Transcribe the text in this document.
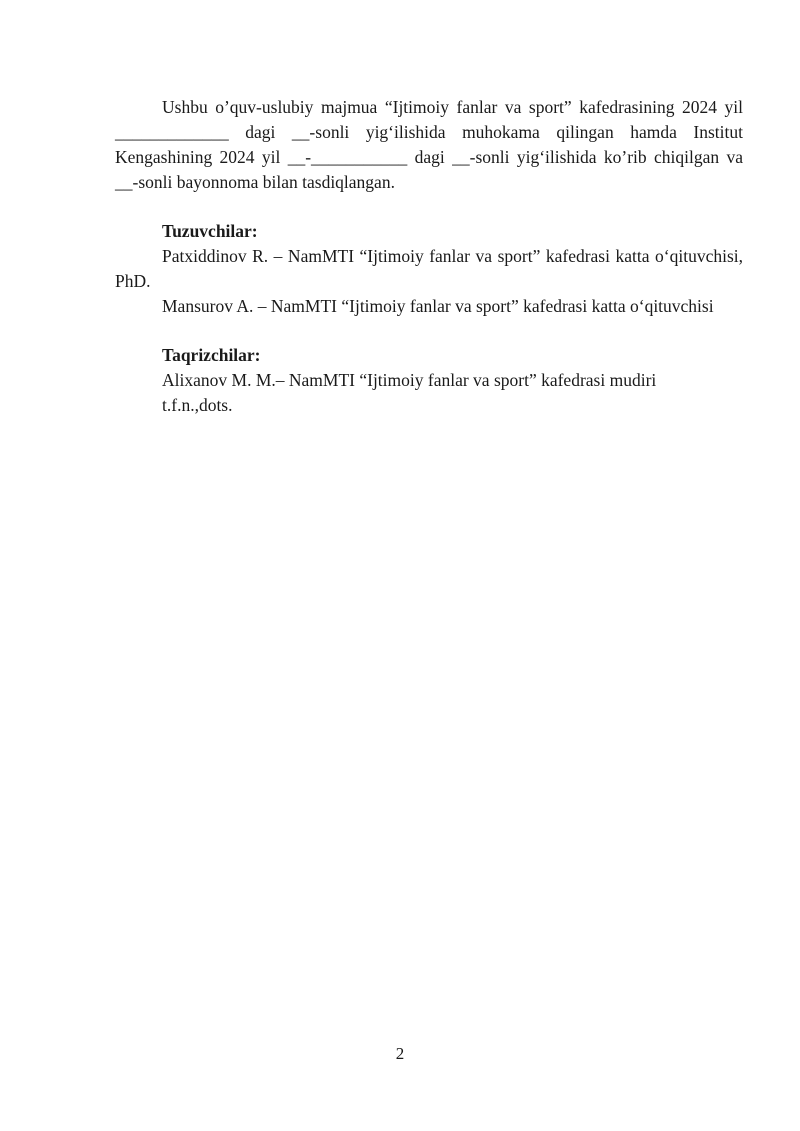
Ushbu o’quv-uslubiy majmua “Ijtimoiy fanlar va sport” kafedrasining 2024 yil _____________ dagi __-sonli yig‘ilishida muhokama qilingan hamda Institut Kengashining 2024 yil __-___________ dagi __-sonli yig‘ilishida ko’rib chiqilgan va __-sonli bayonnoma bilan tasdiqlangan.

Tuzuvchilar:

Patxiddinov R. – NamMTI “Ijtimoiy fanlar va sport” kafedrasi katta o‘qituvchisi, PhD.

Mansurov A. – NamMTI “Ijtimoiy fanlar va sport” kafedrasi katta o‘qituvchisi

Taqrizchilar:

Alixanov M. M.– NamMTI “Ijtimoiy fanlar va sport” kafedrasi mudiri

t.f.n.,dots.

2
